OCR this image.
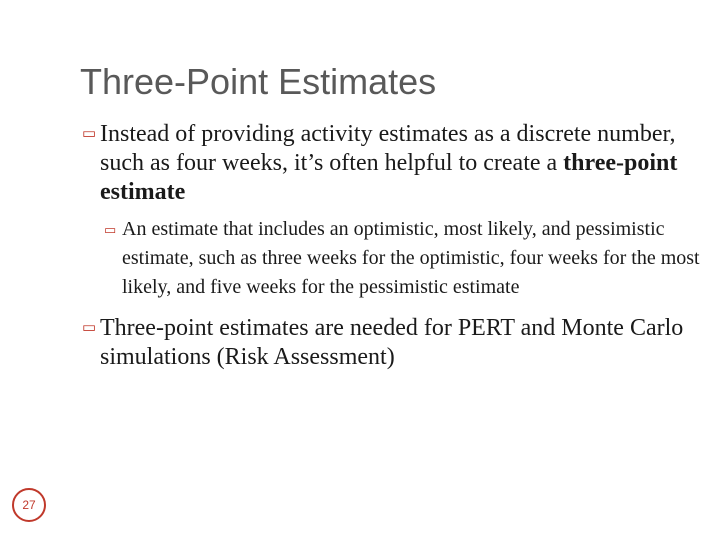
Three-Point Estimates
▭ Instead of providing activity estimates as a discrete number, such as four weeks, it’s often helpful to create a three-point estimate
▭ An estimate that includes an optimistic, most likely, and pessimistic estimate, such as three weeks for the optimistic, four weeks for the most likely, and five weeks for the pessimistic estimate
▭ Three-point estimates are needed for PERT and Monte Carlo simulations (Risk Assessment)
27
